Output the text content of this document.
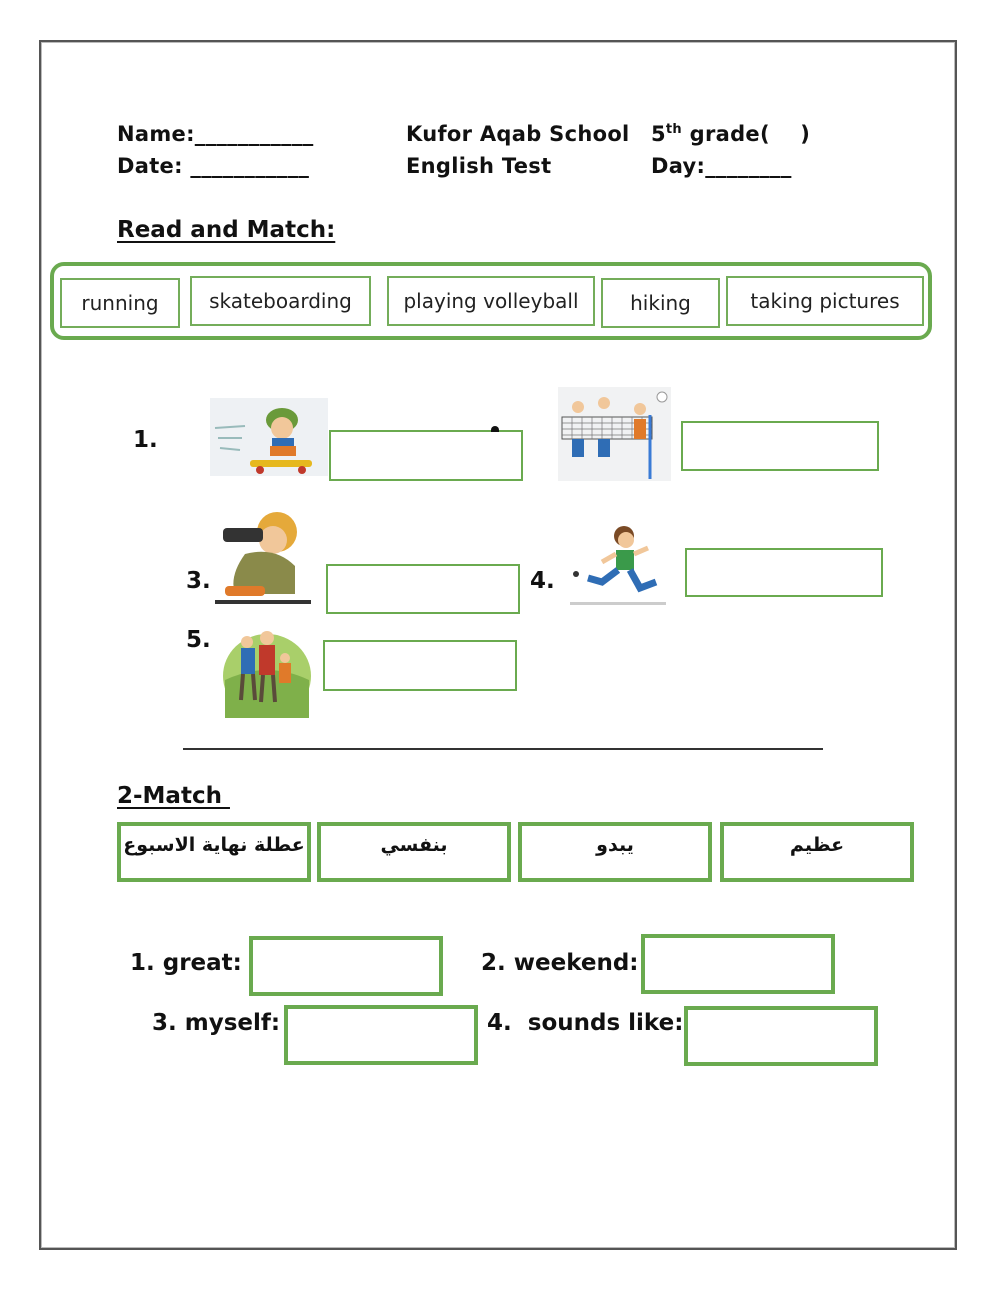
Name:___________
Date: ___________
Kufor Aqab School
English Test
5th grade(    )
Day:________
Read and Match:
running	skateboarding	playing volleyball	hiking	taking pictures
1.
3.	4.
5.
2-Match
عطلة نهاية الاسبوع	بنفسي	يبدو	عظيم
1. great:	2. weekend:
3. myself:	4.  sounds like:
